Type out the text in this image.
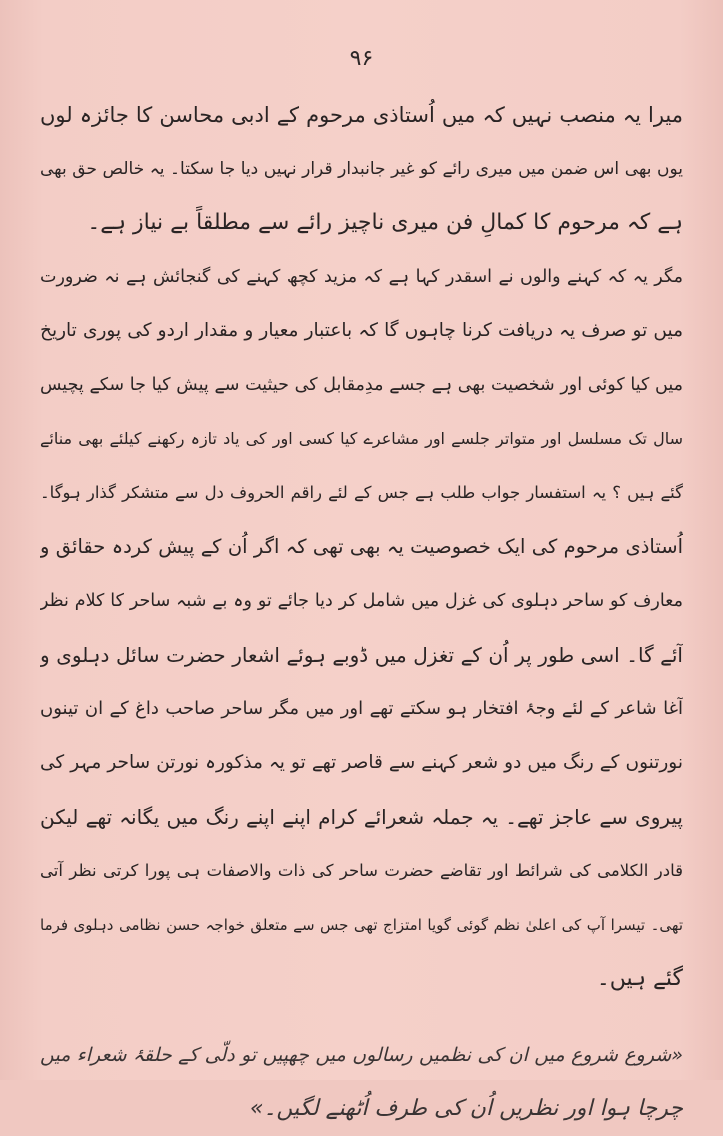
۹۶
میرا یہ منصب نہیں کہ میں اُستاذی مرحوم کے ادبی محاسن کا جائزہ لوں
یوں بھی اس ضمن میں میری رائے کو غیر جانبدار قرار نہیں دیا جا سکتا۔ یہ خالص حق بھی
ہے کہ مرحوم کا کمالِ فن میری ناچیز رائے سے مطلقاً بے نیاز ہے۔
مگر یہ کہ کہنے والوں نے اسقدر کہا ہے کہ مزید کچھ کہنے کی گنجائش ہے نہ ضرورت
میں تو صرف یہ دریافت کرنا چاہوں گا کہ باعتبار معیار و مقدار اردو کی پوری تاریخ
میں کیا کوئی اور شخصیت بھی ہے جسے مدِمقابل کی حیثیت سے پیش کیا جا سکے پچیس
سال تک مسلسل اور متواتر جلسے اور مشاعرے کیا کسی اور کی یاد تازہ رکھنے کیلئے بھی منائے
گئے ہیں ؟ یہ استفسار جواب طلب ہے جس کے لئے راقم الحروف دل سے متشکر گذار ہوگا۔
اُستاذی مرحوم کی ایک خصوصیت یہ بھی تھی کہ اگر اُن کے پیش کردہ حقائق و
معارف کو ساحر دہلوی کی غزل میں شامل کر دیا جائے تو وہ بے شبہ ساحر کا کلام نظر
آئے گا۔ اسی طور پر اُن کے تغزل میں ڈوبے ہوئے اشعار حضرت سائل دہلوی و
آغا شاعر کے لئے وجۂ افتخار ہو سکتے تھے اور میں مگر ساحر صاحب داغ کے ان تینوں
نورتنوں کے رنگ میں دو شعر کہنے سے قاصر تھے تو یہ مذکورہ نورتن ساحر مہر کی
پیروی سے عاجز تھے۔ یہ جملہ شعرائے کرام اپنے اپنے رنگ میں یگانہ تھے لیکن
قادر الکلامی کی شرائط اور تقاضے حضرت ساحر کی ذات والاصفات ہی پورا کرتی نظر آتی
تھی۔ تیسرا آپ کی اعلیٰ نظم گوئی گویا امتزاج تھی جس سے متعلق خواجہ حسن نظامی دہلوی فرما
گئے ہیں۔
«شروع شروع میں ان کی نظمیں رسالوں میں چھپیں تو دلّی کے حلقۂ شعراء میں
چرچا ہوا اور نظریں اُن کی طرف اُٹھنے لگیں۔»
